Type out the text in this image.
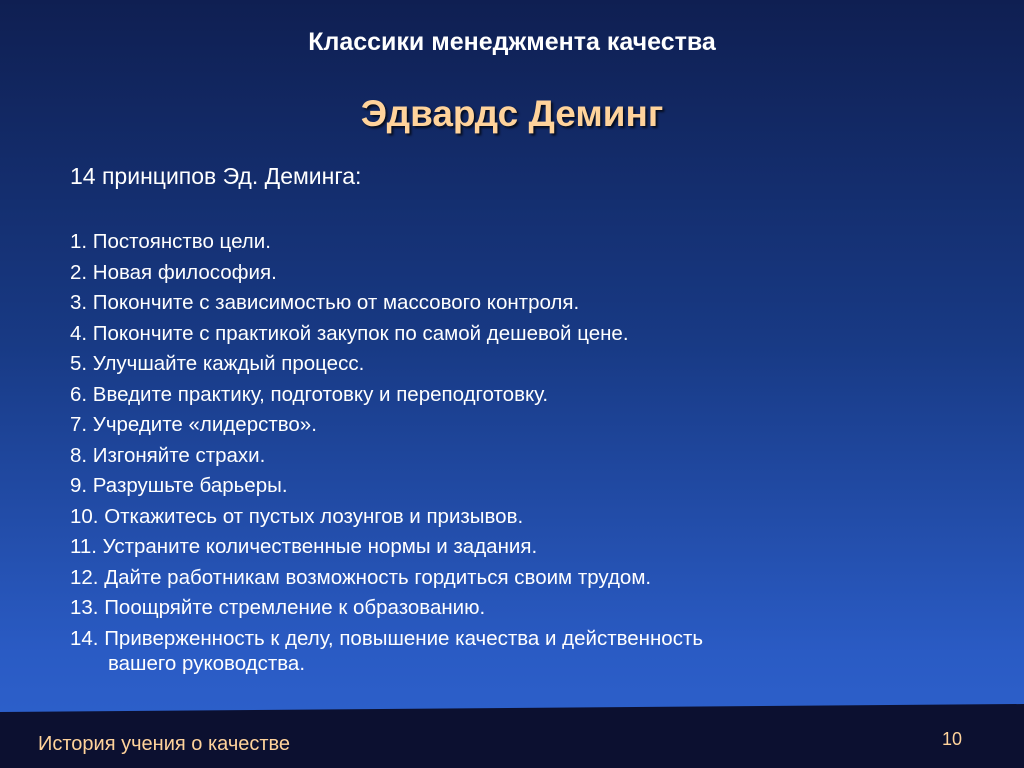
Классики менеджмента качества
Эдвардс Деминг
14 принципов Эд. Деминга:
1. Постоянство цели.
2. Новая философия.
3. Покончите с зависимостью от массового контроля.
4. Покончите с практикой закупок по самой дешевой цене.
5. Улучшайте каждый процесс.
6. Введите практику, подготовку и переподготовку.
7. Учредите «лидерство».
8. Изгоняйте страхи.
9. Разрушьте барьеры.
10. Откажитесь от пустых лозунгов и призывов.
11. Устраните количественные нормы и задания.
12. Дайте работникам возможность гордиться своим трудом.
13. Поощряйте стремление к образованию.
14. Приверженность к делу, повышение качества и действенность
вашего руководства.
История учения о качестве	10
